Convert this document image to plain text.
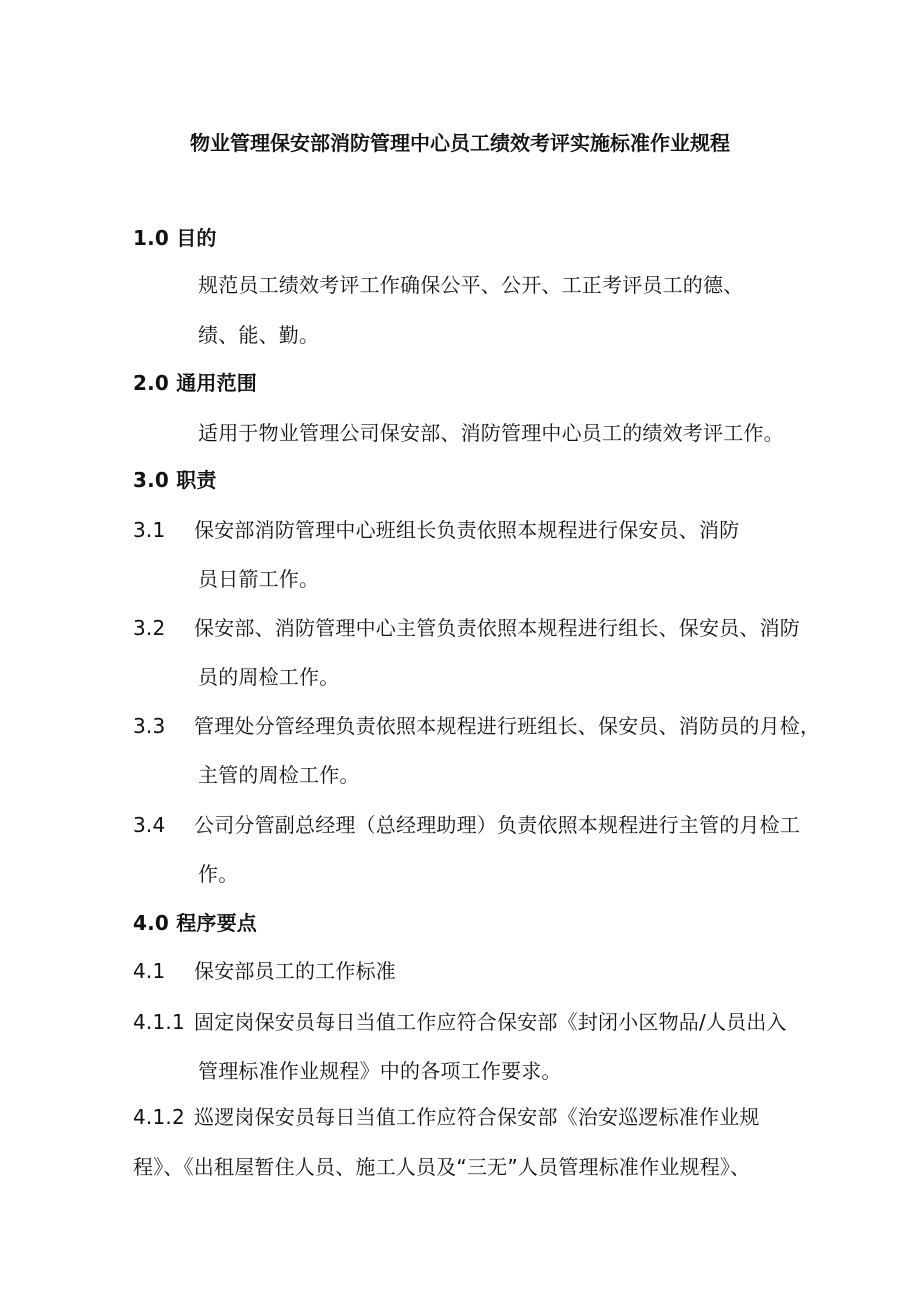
物业管理保安部消防管理中心员工绩效考评实施标准作业规程
1.0 目的
规范员工绩效考评工作确保公平、公开、工正考评员工的德、
绩、能、勤。
2.0 通用范围
适用于物业管理公司保安部、消防管理中心员工的绩效考评工作。
3.0 职责
3.1 保安部消防管理中心班组长负责依照本规程进行保安员、消防
员日箭工作。
3.2 保安部、消防管理中心主管负责依照本规程进行组长、保安员、消防
员的周检工作。
3.3 管理处分管经理负责依照本规程进行班组长、保安员、消防员的月检，
主管的周检工作。
3.4 公司分管副总经理（总经理助理）负责依照本规程进行主管的月检工
作。
4.0 程序要点
4.1 保安部员工的工作标准
4.1.1 固定岗保安员每日当值工作应符合保安部《封闭小区物品/人员出入
管理标准作业规程》中的各项工作要求。
4.1.2 巡逻岗保安员每日当值工作应符合保安部《治安巡逻标准作业规
程》、《出租屋暂住人员、施工人员及“三无”人员管理标准作业规程》、
